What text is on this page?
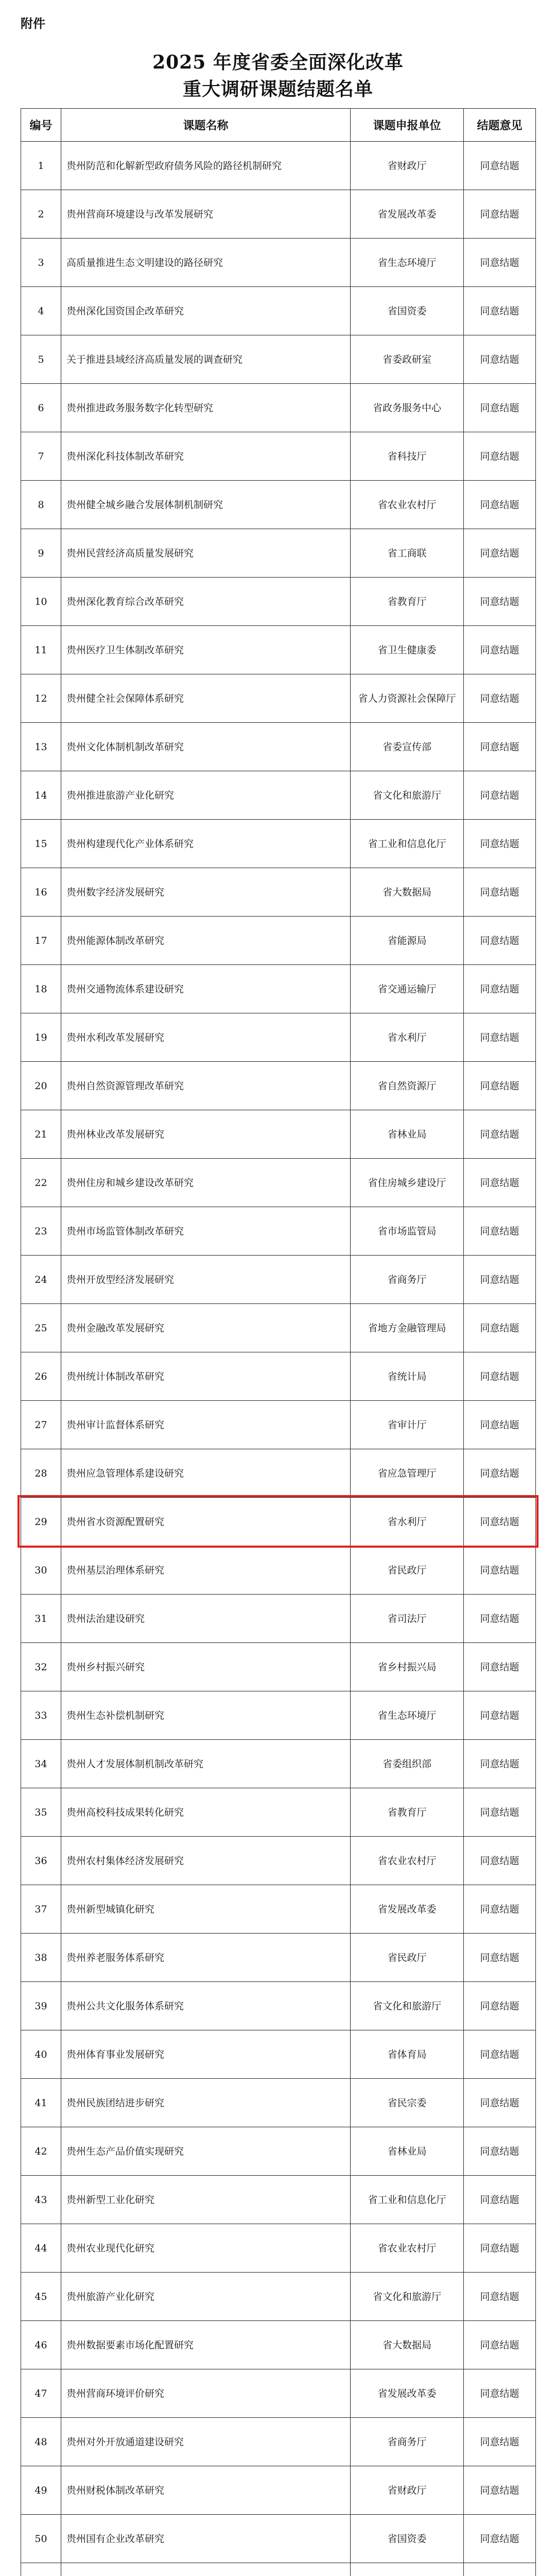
附件
2025 年度省委全面深化改革
重大调研课题结题名单
编号	课题名称	课题申报单位	结题意见
1	贵州防范和化解新型政府债务风险的路径机制研究	省财政厅	同意结题
2	贵州营商环境建设与改革发展研究	省发展改革委	同意结题
3	高质量推进生态文明建设的路径研究	省生态环境厅	同意结题
4	贵州深化国资国企改革研究	省国资委	同意结题
5	关于推进县域经济高质量发展的调查研究	省委政研室	同意结题
6	贵州推进政务服务数字化转型研究	省政务服务中心	同意结题
7	贵州深化科技体制改革研究	省科技厅	同意结题
8	贵州健全城乡融合发展体制机制研究	省农业农村厅	同意结题
9	贵州民营经济高质量发展研究	省工商联	同意结题
10	贵州深化教育综合改革研究	省教育厅	同意结题
11	贵州医疗卫生体制改革研究	省卫生健康委	同意结题
12	贵州健全社会保障体系研究	省人力资源社会保障厅	同意结题
13	贵州文化体制机制改革研究	省委宣传部	同意结题
14	贵州推进旅游产业化研究	省文化和旅游厅	同意结题
15	贵州构建现代化产业体系研究	省工业和信息化厅	同意结题
16	贵州数字经济发展研究	省大数据局	同意结题
17	贵州能源体制改革研究	省能源局	同意结题
18	贵州交通物流体系建设研究	省交通运输厅	同意结题
19	贵州水利改革发展研究	省水利厅	同意结题
20	贵州自然资源管理改革研究	省自然资源厅	同意结题
21	贵州林业改革发展研究	省林业局	同意结题
22	贵州住房和城乡建设改革研究	省住房城乡建设厅	同意结题
23	贵州市场监管体制改革研究	省市场监管局	同意结题
24	贵州开放型经济发展研究	省商务厅	同意结题
25	贵州金融改革发展研究	省地方金融管理局	同意结题
26	贵州统计体制改革研究	省统计局	同意结题
27	贵州审计监督体系研究	省审计厅	同意结题
28	贵州应急管理体系建设研究	省应急管理厅	同意结题
29	贵州省水资源配置研究	省水利厅	同意结题
30	贵州基层治理体系研究	省民政厅	同意结题
31	贵州法治建设研究	省司法厅	同意结题
32	贵州乡村振兴研究	省乡村振兴局	同意结题
33	贵州生态补偿机制研究	省生态环境厅	同意结题
34	贵州人才发展体制机制改革研究	省委组织部	同意结题
35	贵州高校科技成果转化研究	省教育厅	同意结题
36	贵州农村集体经济发展研究	省农业农村厅	同意结题
37	贵州新型城镇化研究	省发展改革委	同意结题
38	贵州养老服务体系研究	省民政厅	同意结题
39	贵州公共文化服务体系研究	省文化和旅游厅	同意结题
40	贵州体育事业发展研究	省体育局	同意结题
41	贵州民族团结进步研究	省民宗委	同意结题
42	贵州生态产品价值实现研究	省林业局	同意结题
43	贵州新型工业化研究	省工业和信息化厅	同意结题
44	贵州农业现代化研究	省农业农村厅	同意结题
45	贵州旅游产业化研究	省文化和旅游厅	同意结题
46	贵州数据要素市场化配置研究	省大数据局	同意结题
47	贵州营商环境评价研究	省发展改革委	同意结题
48	贵州对外开放通道建设研究	省商务厅	同意结题
49	贵州财税体制改革研究	省财政厅	同意结题
50	贵州国有企业改革研究	省国资委	同意结题
